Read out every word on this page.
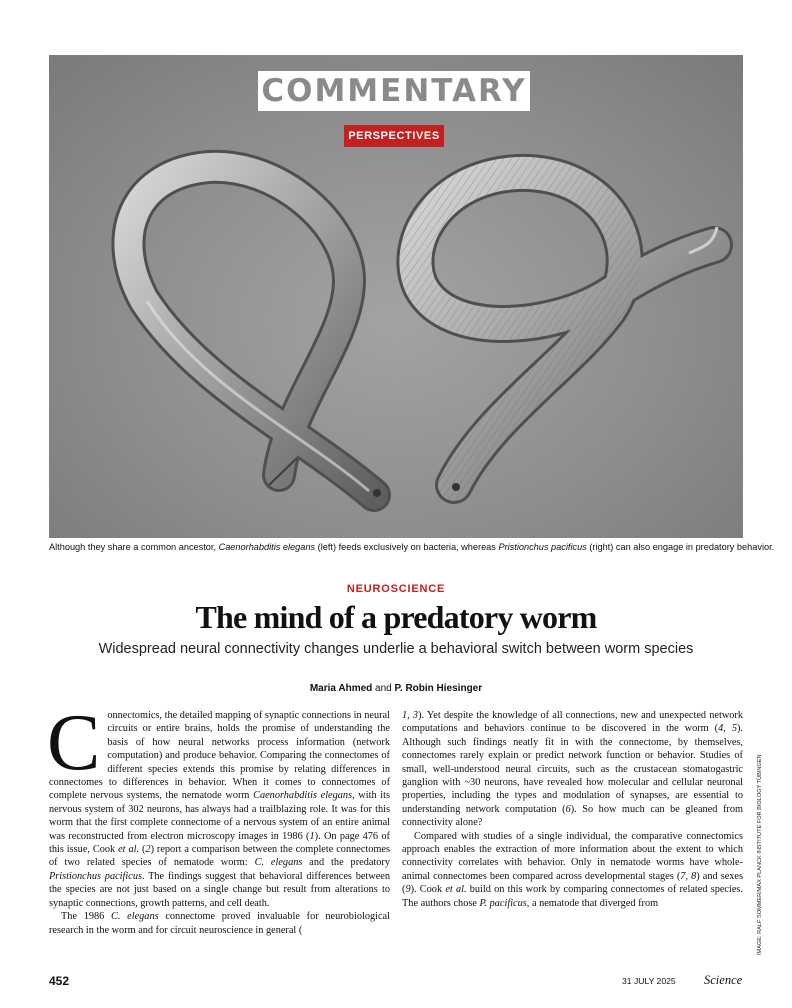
COMMENTARY
PERSPECTIVES
Although they share a common ancestor, Caenorhabditis elegans (left) feeds exclusively on bacteria, whereas Pristionchus pacificus (right) can also engage in predatory behavior.
NEUROSCIENCE
The mind of a predatory worm
Widespread neural connectivity changes underlie a behavioral switch between worm species
Maria Ahmed and P. Robin Hiesinger

Connectomics, the detailed mapping of synaptic connections in neural circuits or entire brains, holds the promise of understanding the basis of how neural networks process information (network computation) and produce behavior. Comparing the connectomes of different species extends this promise by relating differences in connectomes to differences in behavior. When it comes to connectomes of complete nervous systems, the nematode worm Caenorhabditis elegans, with its nervous system of 302 neurons, has always had a trailblazing role. It was for this worm that the first complete connectome of a nervous system of an entire animal was reconstructed from electron microscopy images in 1986 (1). On page 476 of this issue, Cook et al. (2) report a comparison between the complete connectomes of two related species of nematode worm: C. elegans and the predatory Pristionchus pacificus. The findings suggest that behavioral differences between the species are not just based on a single change but result from alterations to synaptic connections, growth patterns, and cell death.

The 1986 C. elegans connectome proved invaluable for neurobiological research in the worm and for circuit neuroscience in general (

1, 3). Yet despite the knowledge of all connections, new and unexpected network computations and behaviors continue to be discovered in the worm (4, 5). Although such findings neatly fit in with the connectome, by themselves, connectomes rarely explain or predict network function or behavior. Studies of small, well-understood neural circuits, such as the crustacean stomatogastric ganglion with ~30 neurons, have revealed how molecular and cellular neuronal properties, including the types and modulation of synapses, are essential to understanding network computation (6). So how much can be gleaned from connectivity alone?

Compared with studies of a single individual, the comparative connectomics approach enables the extraction of more information about the extent to which connectivity correlates with behavior. Only in nematode worms have whole-animal connectomes been compared across developmental stages (7, 8) and sexes (9). Cook et al. build on this work by comparing connectomes of related species. The authors chose P. pacificus, a nematode that diverged from	IMAGE: RALF SOMMER/MAX PLANCK INSTITUTE FOR BIOLOGY TÜBINGEN
452	31 JULY 2025 Science
